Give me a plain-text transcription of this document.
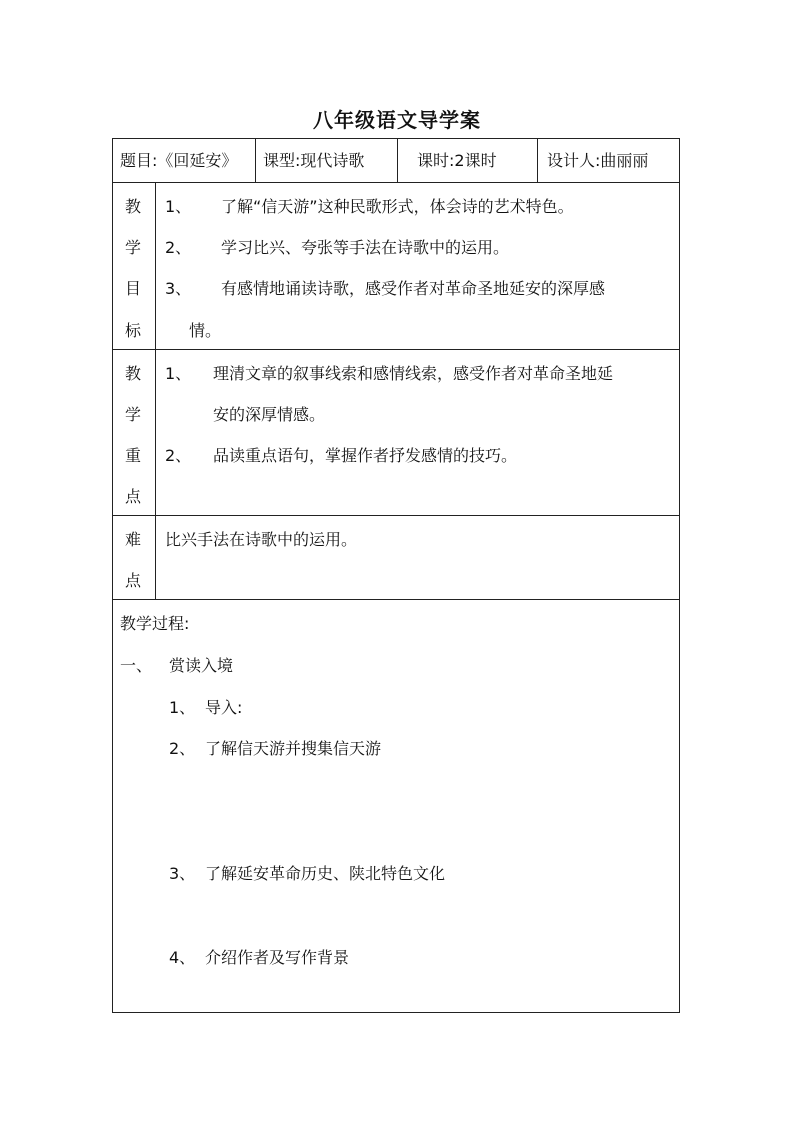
八年级语文导学案
题目:《回延安》 课型:现代诗歌	课时:2课时	设计人:曲丽丽
教
学
目
标
1、 了解“信天游”这种民歌形式，体会诗的艺术特色。
2、 学习比兴、夸张等手法在诗歌中的运用。
3、 有感情地诵读诗歌，感受作者对革命圣地延安的深厚感
情。
教
学
重
点
1、 理清文章的叙事线索和感情线索，感受作者对革命圣地延
安的深厚情感。
2、 品读重点语句，掌握作者抒发感情的技巧。
难
点
比兴手法在诗歌中的运用。
教学过程:
一、 赏读入境
1、 导入:
2、 了解信天游并搜集信天游
3、 了解延安革命历史、陕北特色文化
4、 介绍作者及写作背景
